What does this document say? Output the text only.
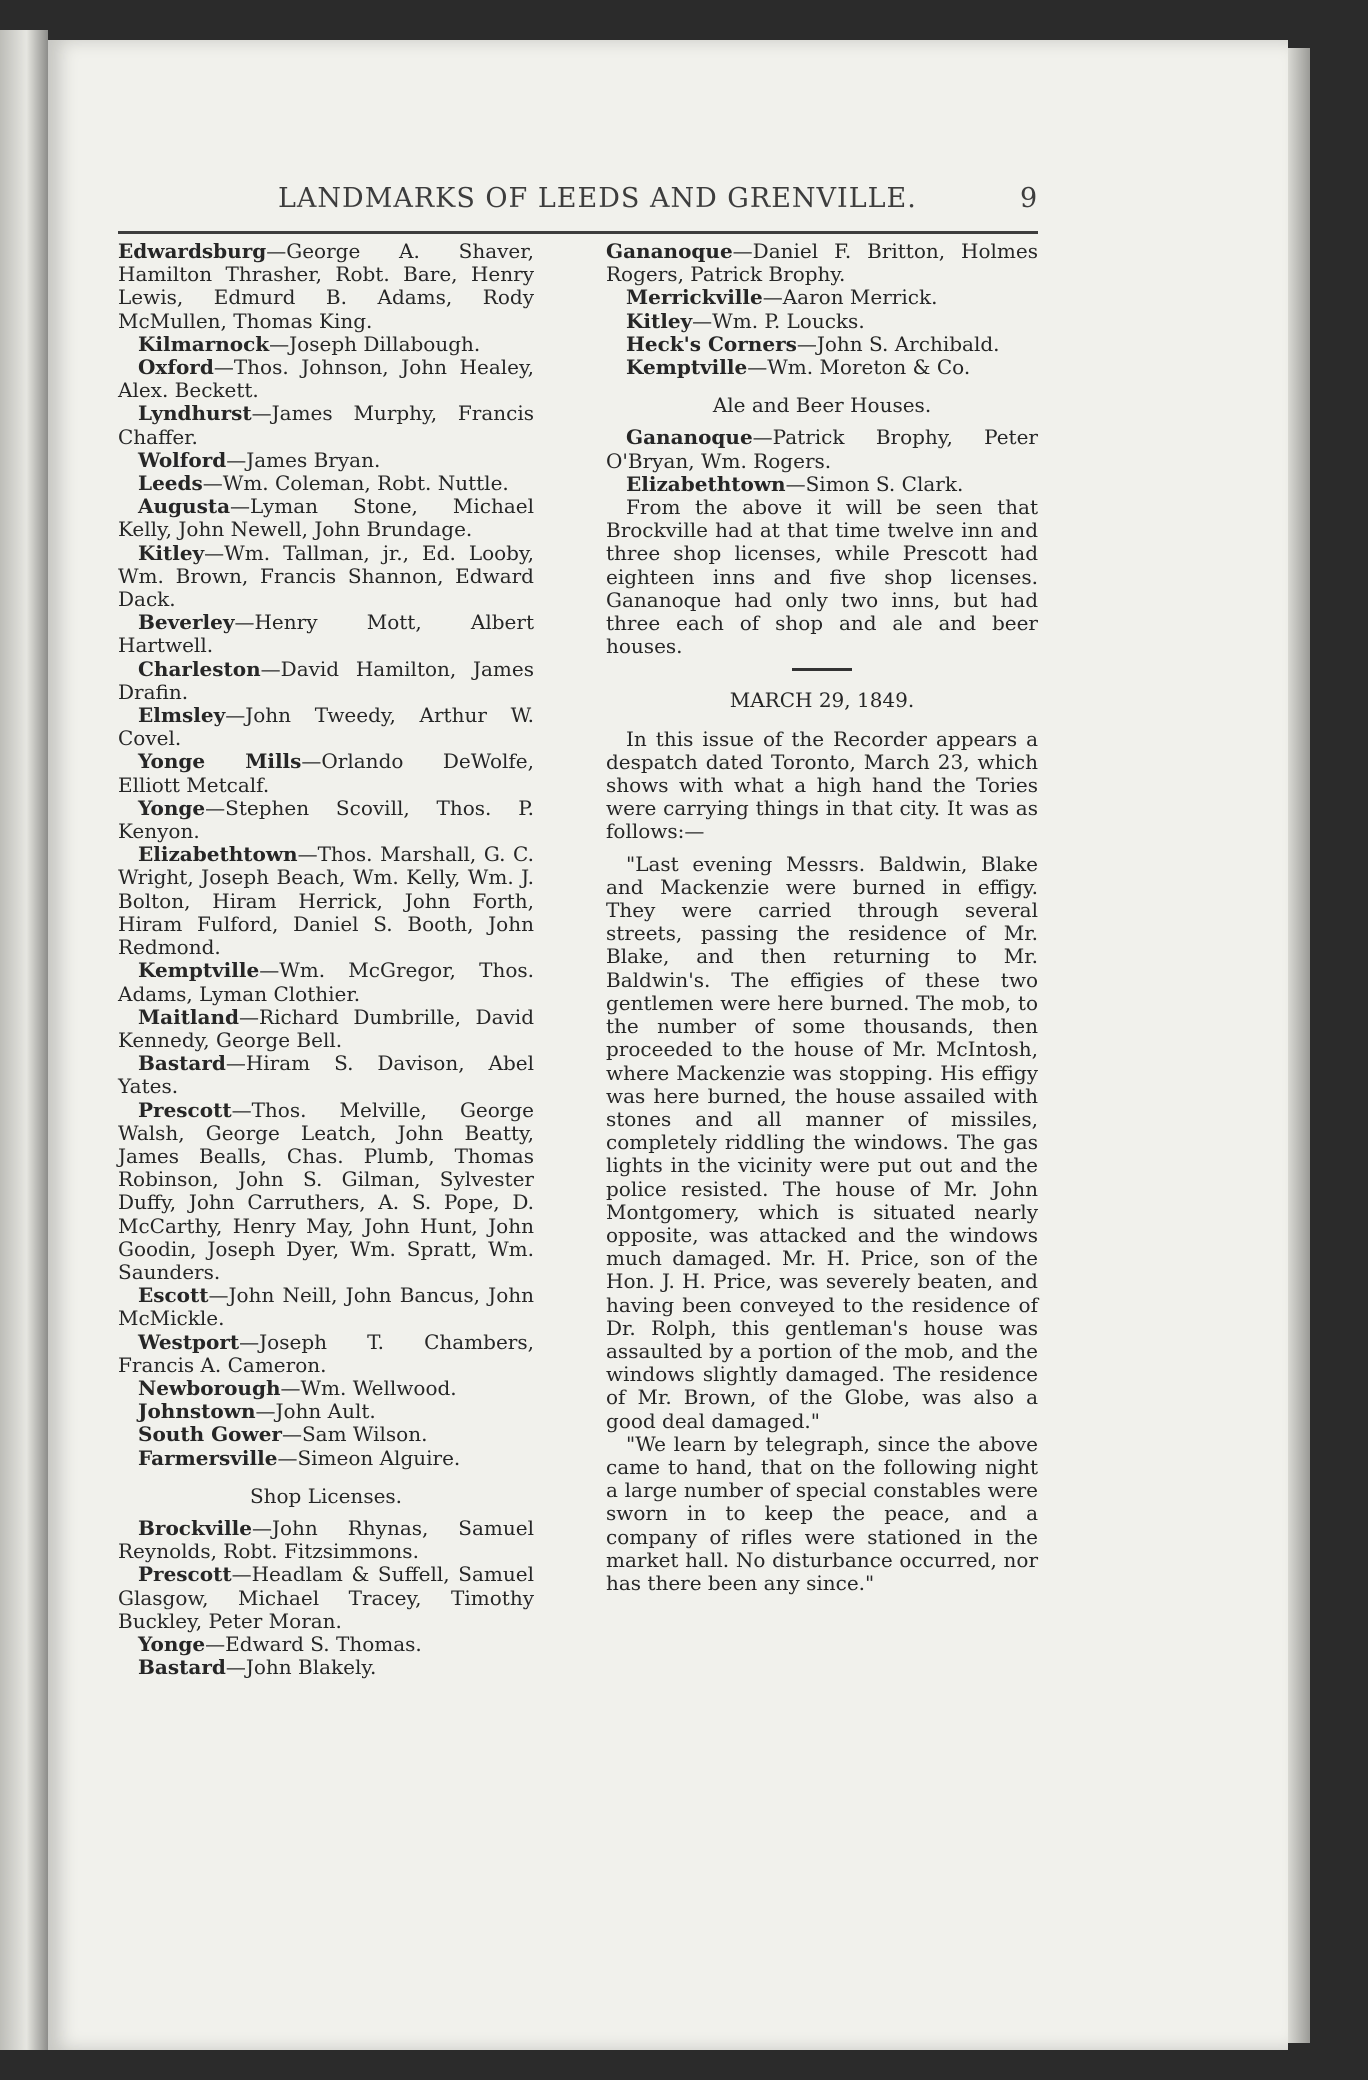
LANDMARKS OF LEEDS AND GRENVILLE.	9

Edwardsburg—George A. Shaver, Hamilton Thrasher, Robt. Bare, Henry Lewis, Edmurd B. Adams, Rody McMullen, Thomas King.

Kilmarnock—Joseph Dillabough.

Oxford—Thos. Johnson, John Healey, Alex. Beckett.

Lyndhurst—James Murphy, Francis Chaffer.

Wolford—James Bryan.

Leeds—Wm. Coleman, Robt. Nuttle.

Augusta—Lyman Stone, Michael Kelly, John Newell, John Brundage.

Kitley—Wm. Tallman, jr., Ed. Looby, Wm. Brown, Francis Shannon, Edward Dack.

Beverley—Henry Mott, Albert Hartwell.

Charleston—David Hamilton, James Drafin.

Elmsley—John Tweedy, Arthur W. Covel.

Yonge Mills—Orlando DeWolfe, Elliott Metcalf.

Yonge—Stephen Scovill, Thos. P. Kenyon.

Elizabethtown—Thos. Marshall, G. C. Wright, Joseph Beach, Wm. Kelly, Wm. J. Bolton, Hiram Herrick, John Forth, Hiram Fulford, Daniel S. Booth, John Redmond.

Kemptville—Wm. McGregor, Thos. Adams, Lyman Clothier.

Maitland—Richard Dumbrille, David Kennedy, George Bell.

Bastard—Hiram S. Davison, Abel Yates.

Prescott—Thos. Melville, George Walsh, George Leatch, John Beatty, James Bealls, Chas. Plumb, Thomas Robinson, John S. Gilman, Sylvester Duffy, John Carruthers, A. S. Pope, D. McCarthy, Henry May, John Hunt, John Goodin, Joseph Dyer, Wm. Spratt, Wm. Saunders.

Escott—John Neill, John Bancus, John McMickle.

Westport—Joseph T. Chambers, Francis A. Cameron.

Newborough—Wm. Wellwood.

Johnstown—John Ault.

South Gower—Sam Wilson.

Farmersville—Simeon Alguire.

Shop Licenses.

Brockville—John Rhynas, Samuel Reynolds, Robt. Fitzsimmons.

Prescott—Headlam & Suffell, Samuel Glasgow, Michael Tracey, Timothy Buckley, Peter Moran.

Yonge—Edward S. Thomas.

Bastard—John Blakely.

Gananoque—Daniel F. Britton, Holmes Rogers, Patrick Brophy.

Merrickville—Aaron Merrick.

Kitley—Wm. P. Loucks.

Heck's Corners—John S. Archibald.

Kemptville—Wm. Moreton & Co.

Ale and Beer Houses.

Gananoque—Patrick Brophy, Peter O'Bryan, Wm. Rogers.

Elizabethtown—Simon S. Clark.

From the above it will be seen that Brockville had at that time twelve inn and three shop licenses, while Prescott had eighteen inns and five shop licenses. Gananoque had only two inns, but had three each of shop and ale and beer houses.

MARCH 29, 1849.

In this issue of the Recorder appears a despatch dated Toronto, March 23, which shows with what a high hand the Tories were carrying things in that city. It was as follows:—

"Last evening Messrs. Baldwin, Blake and Mackenzie were burned in effigy. They were carried through several streets, passing the residence of Mr. Blake, and then returning to Mr. Baldwin's. The effigies of these two gentlemen were here burned. The mob, to the number of some thousands, then proceeded to the house of Mr. McIntosh, where Mackenzie was stopping. His effigy was here burned, the house assailed with stones and all manner of missiles, completely riddling the windows. The gas lights in the vicinity were put out and the police resisted. The house of Mr. John Montgomery, which is situated nearly opposite, was attacked and the windows much damaged. Mr. H. Price, son of the Hon. J. H. Price, was severely beaten, and having been conveyed to the residence of Dr. Rolph, this gentleman's house was assaulted by a portion of the mob, and the windows slightly damaged. The residence of Mr. Brown, of the Globe, was also a good deal damaged."

"We learn by telegraph, since the above came to hand, that on the following night a large number of special constables were sworn in to keep the peace, and a company of rifles were stationed in the market hall. No disturbance occurred, nor has there been any since."
